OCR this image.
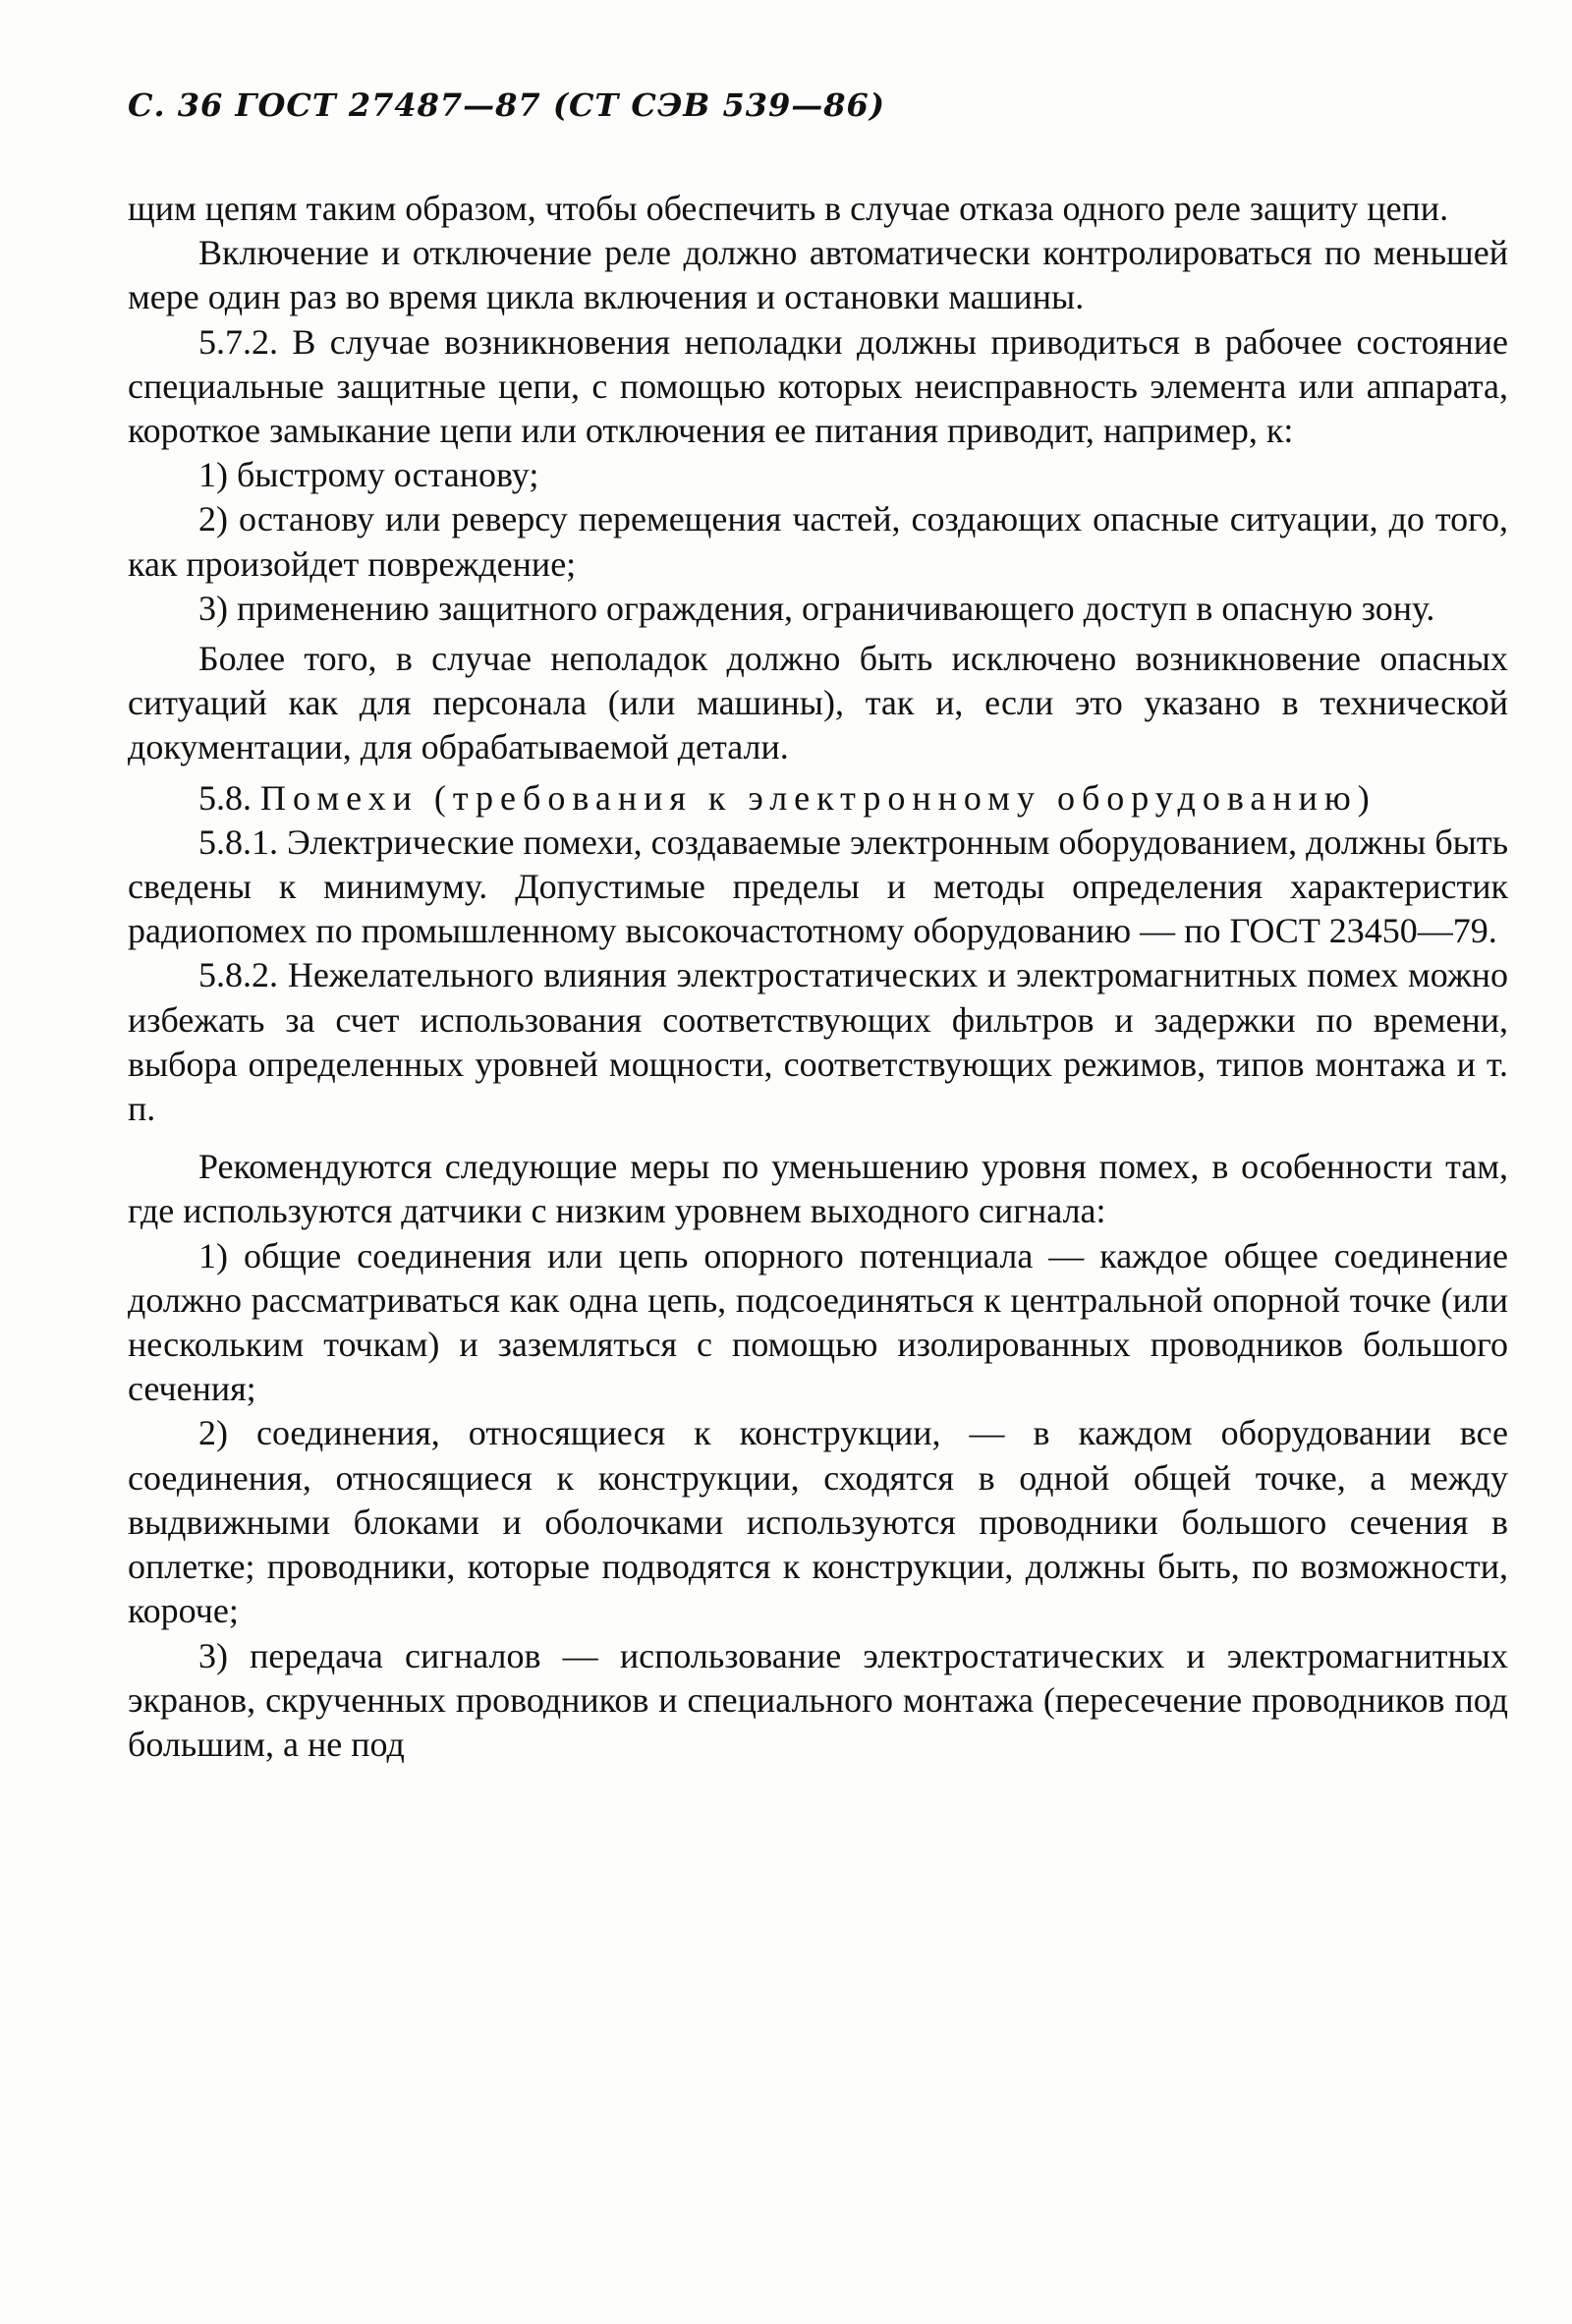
С. 36 ГОСТ 27487—87 (СТ СЭВ 539—86)

щим цепям таким образом, чтобы обеспечить в случае отказа одного реле защиту цепи.

Включение и отключение реле должно автоматически контролироваться по меньшей мере один раз во время цикла включения и остановки машины.

5.7.2. В случае возникновения неполадки должны приводиться в рабочее состояние специальные защитные цепи, с помощью которых неисправность элемента или аппарата, короткое замыкание цепи или отключения ее питания приводит, например, к:

1) быстрому останову;

2) останову или реверсу перемещения частей, создающих опасные ситуации, до того, как произойдет повреждение;

3) применению защитного ограждения, ограничивающего доступ в опасную зону.

Более того, в случае неполадок должно быть исключено возникновение опасных ситуаций как для персонала (или машины), так и, если это указано в технической документации, для обрабатываемой детали.

5.8. Помехи (требования к электронному оборудованию)

5.8.1. Электрические помехи, создаваемые электронным оборудованием, должны быть сведены к минимуму. Допустимые пределы и методы определения характеристик радиопомех по промышленному высокочастотному оборудованию — по ГОСТ 23450—79.

5.8.2. Нежелательного влияния электростатических и электромагнитных помех можно избежать за счет использования соответствующих фильтров и задержки по времени, выбора определенных уровней мощности, соответствующих режимов, типов монтажа и т. п.

Рекомендуются следующие меры по уменьшению уровня помех, в особенности там, где используются датчики с низким уровнем выходного сигнала:

1) общие соединения или цепь опорного потенциала — каждое общее соединение должно рассматриваться как одна цепь, подсоединяться к центральной опорной точке (или нескольким точкам) и заземляться с помощью изолированных проводников большого сечения;

2) соединения, относящиеся к конструкции, — в каждом оборудовании все соединения, относящиеся к конструкции, сходятся в одной общей точке, а между выдвижными блоками и оболочками используются проводники большого сечения в оплетке; проводники, которые подводятся к конструкции, должны быть, по возможности, короче;

3) передача сигналов — использование электростатических и электромагнитных экранов, скрученных проводников и специального монтажа (пересечение проводников под большим, а не под
